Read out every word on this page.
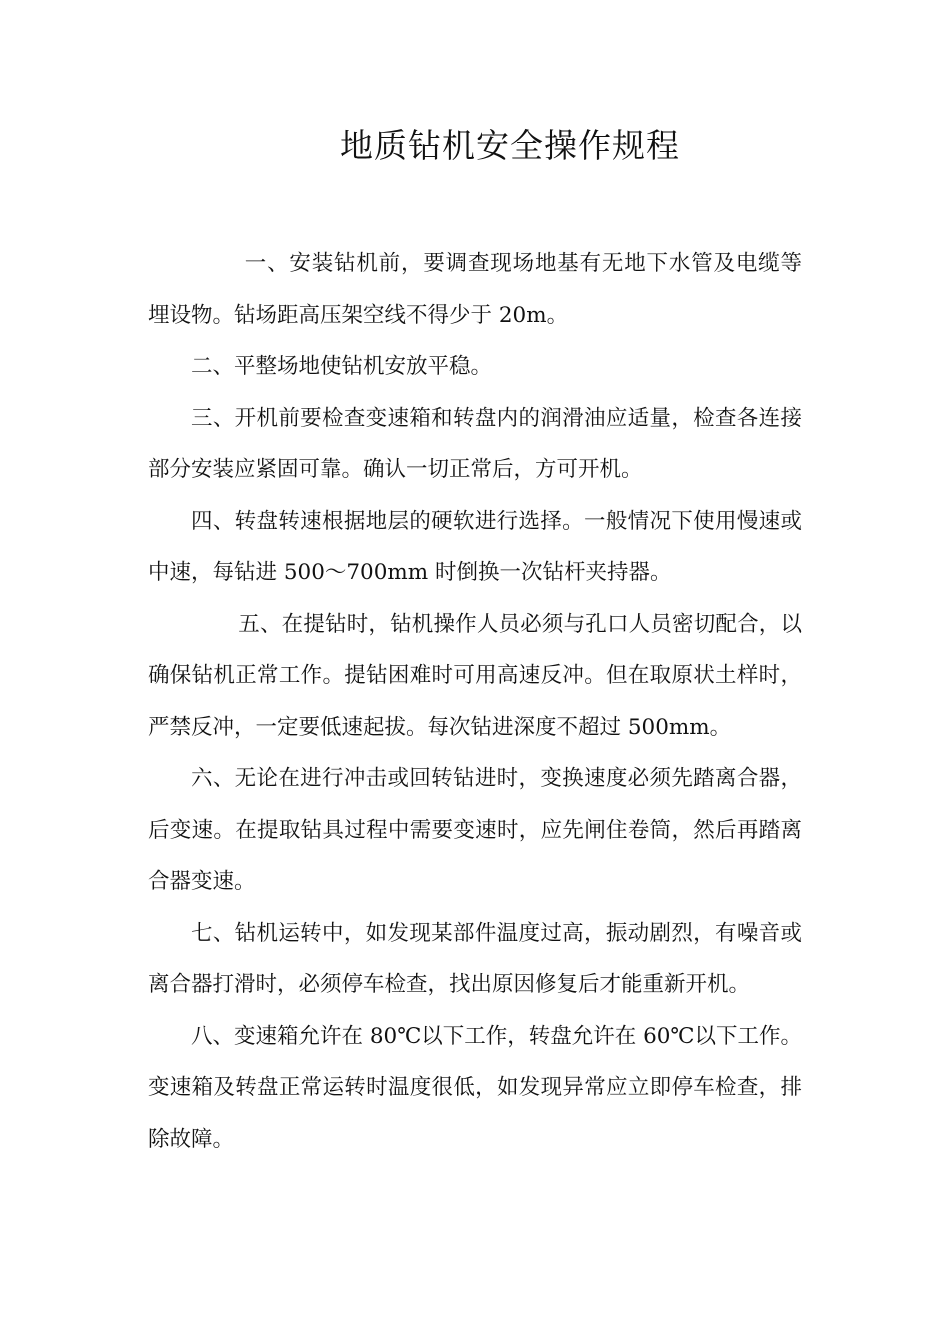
地质钻机安全操作规程

一、安装钻机前，要调查现场地基有无地下水管及电缆等埋设物。钻场距高压架空线不得少于 20m。

二、平整场地使钻机安放平稳。

三、开机前要检查变速箱和转盘内的润滑油应适量，检查各连接部分安装应紧固可靠。确认一切正常后，方可开机。

四、转盘转速根据地层的硬软进行选择。一般情况下使用慢速或中速，每钻进 500～700mm 时倒换一次钻杆夹持器。

五、在提钻时，钻机操作人员必须与孔口人员密切配合，以确保钻机正常工作。提钻困难时可用高速反冲。但在取原状土样时，严禁反冲，一定要低速起拔。每次钻进深度不超过 500mm。

六、无论在进行冲击或回转钻进时，变换速度必须先踏离合器，后变速。在提取钻具过程中需要变速时，应先闸住卷筒，然后再踏离合器变速。

七、钻机运转中，如发现某部件温度过高，振动剧烈，有噪音或离合器打滑时，必须停车检查，找出原因修复后才能重新开机。

八、变速箱允许在 80℃以下工作，转盘允许在 60℃以下工作。变速箱及转盘正常运转时温度很低，如发现异常应立即停车检查，排除故障。
